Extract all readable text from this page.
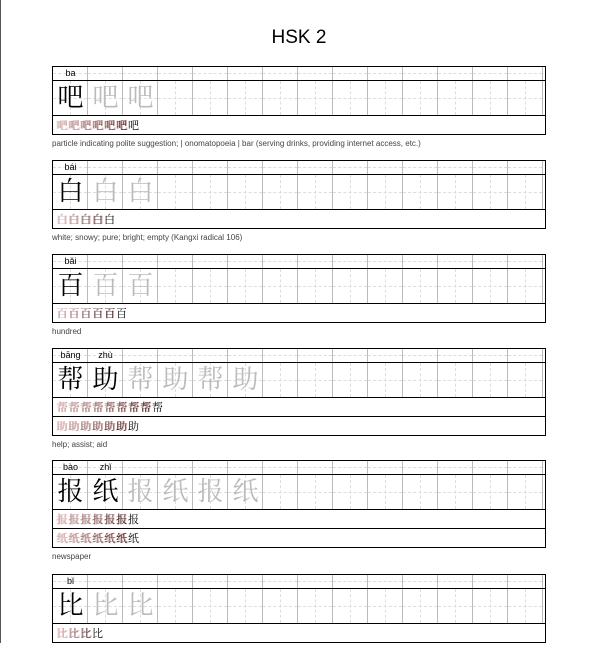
HSK 2
ba
吧 吧 吧
吧吧吧吧吧吧吧
particle indicating polite suggestion; | onomatopoeia | bar (serving drinks, providing internet access, etc.)
bái
白 白 白
白白白白白
white; snowy; pure; bright; empty (Kangxi radical 106)
bǎi
百 百 百
百百百百百百
hundred
bāng	zhù
帮 助 帮 助 帮 助
帮帮帮帮帮帮帮帮帮
助助助助助助助
help; assist; aid
bào	zhǐ
报 纸 报 纸 报 纸
报报报报报报报
纸纸纸纸纸纸纸
newspaper
bǐ
比 比 比
比比比比
